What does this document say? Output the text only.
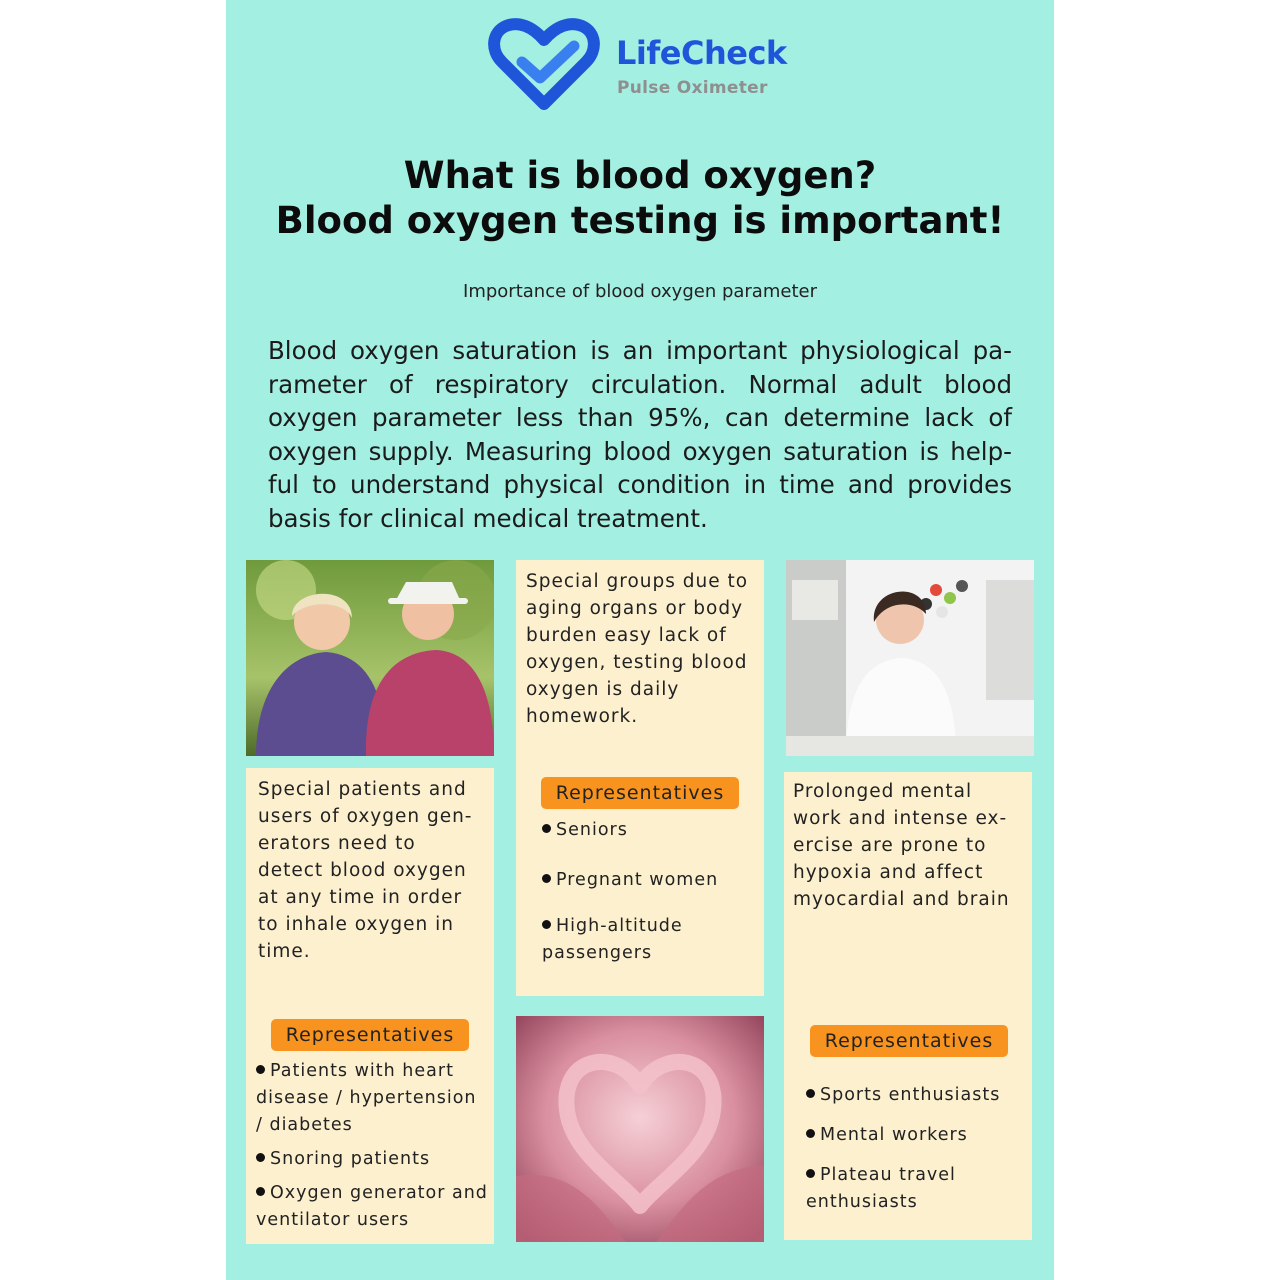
LifeCheck
Pulse Oximeter
What is blood oxygen?
Blood oxygen testing is important!
Importance of blood oxygen parameter
Blood oxygen saturation is an important physiological pa-rameter of respiratory circulation. Normal adult blood oxygen parameter less than 95%, can determine lack of oxygen supply. Measuring blood oxygen saturation is help-ful to understand physical condition in time and provides basis for clinical medical treatment.
Special patients and users of oxygen gen-erators need to detect blood oxygen at any time in order to inhale oxygen in time.
Representatives
Patients with heart disease / hypertension / diabetes
Snoring patients
Oxygen generator and ventilator users
Special groups due to aging organs or body burden easy lack of oxygen, testing blood oxygen is daily homework.
Representatives
Seniors
Pregnant women
High-altitude passengers
Prolonged mental work and intense ex-ercise are prone to hypoxia and affect myocardial and brain
Representatives
Sports enthusiasts
Mental workers
Plateau travel enthusiasts
